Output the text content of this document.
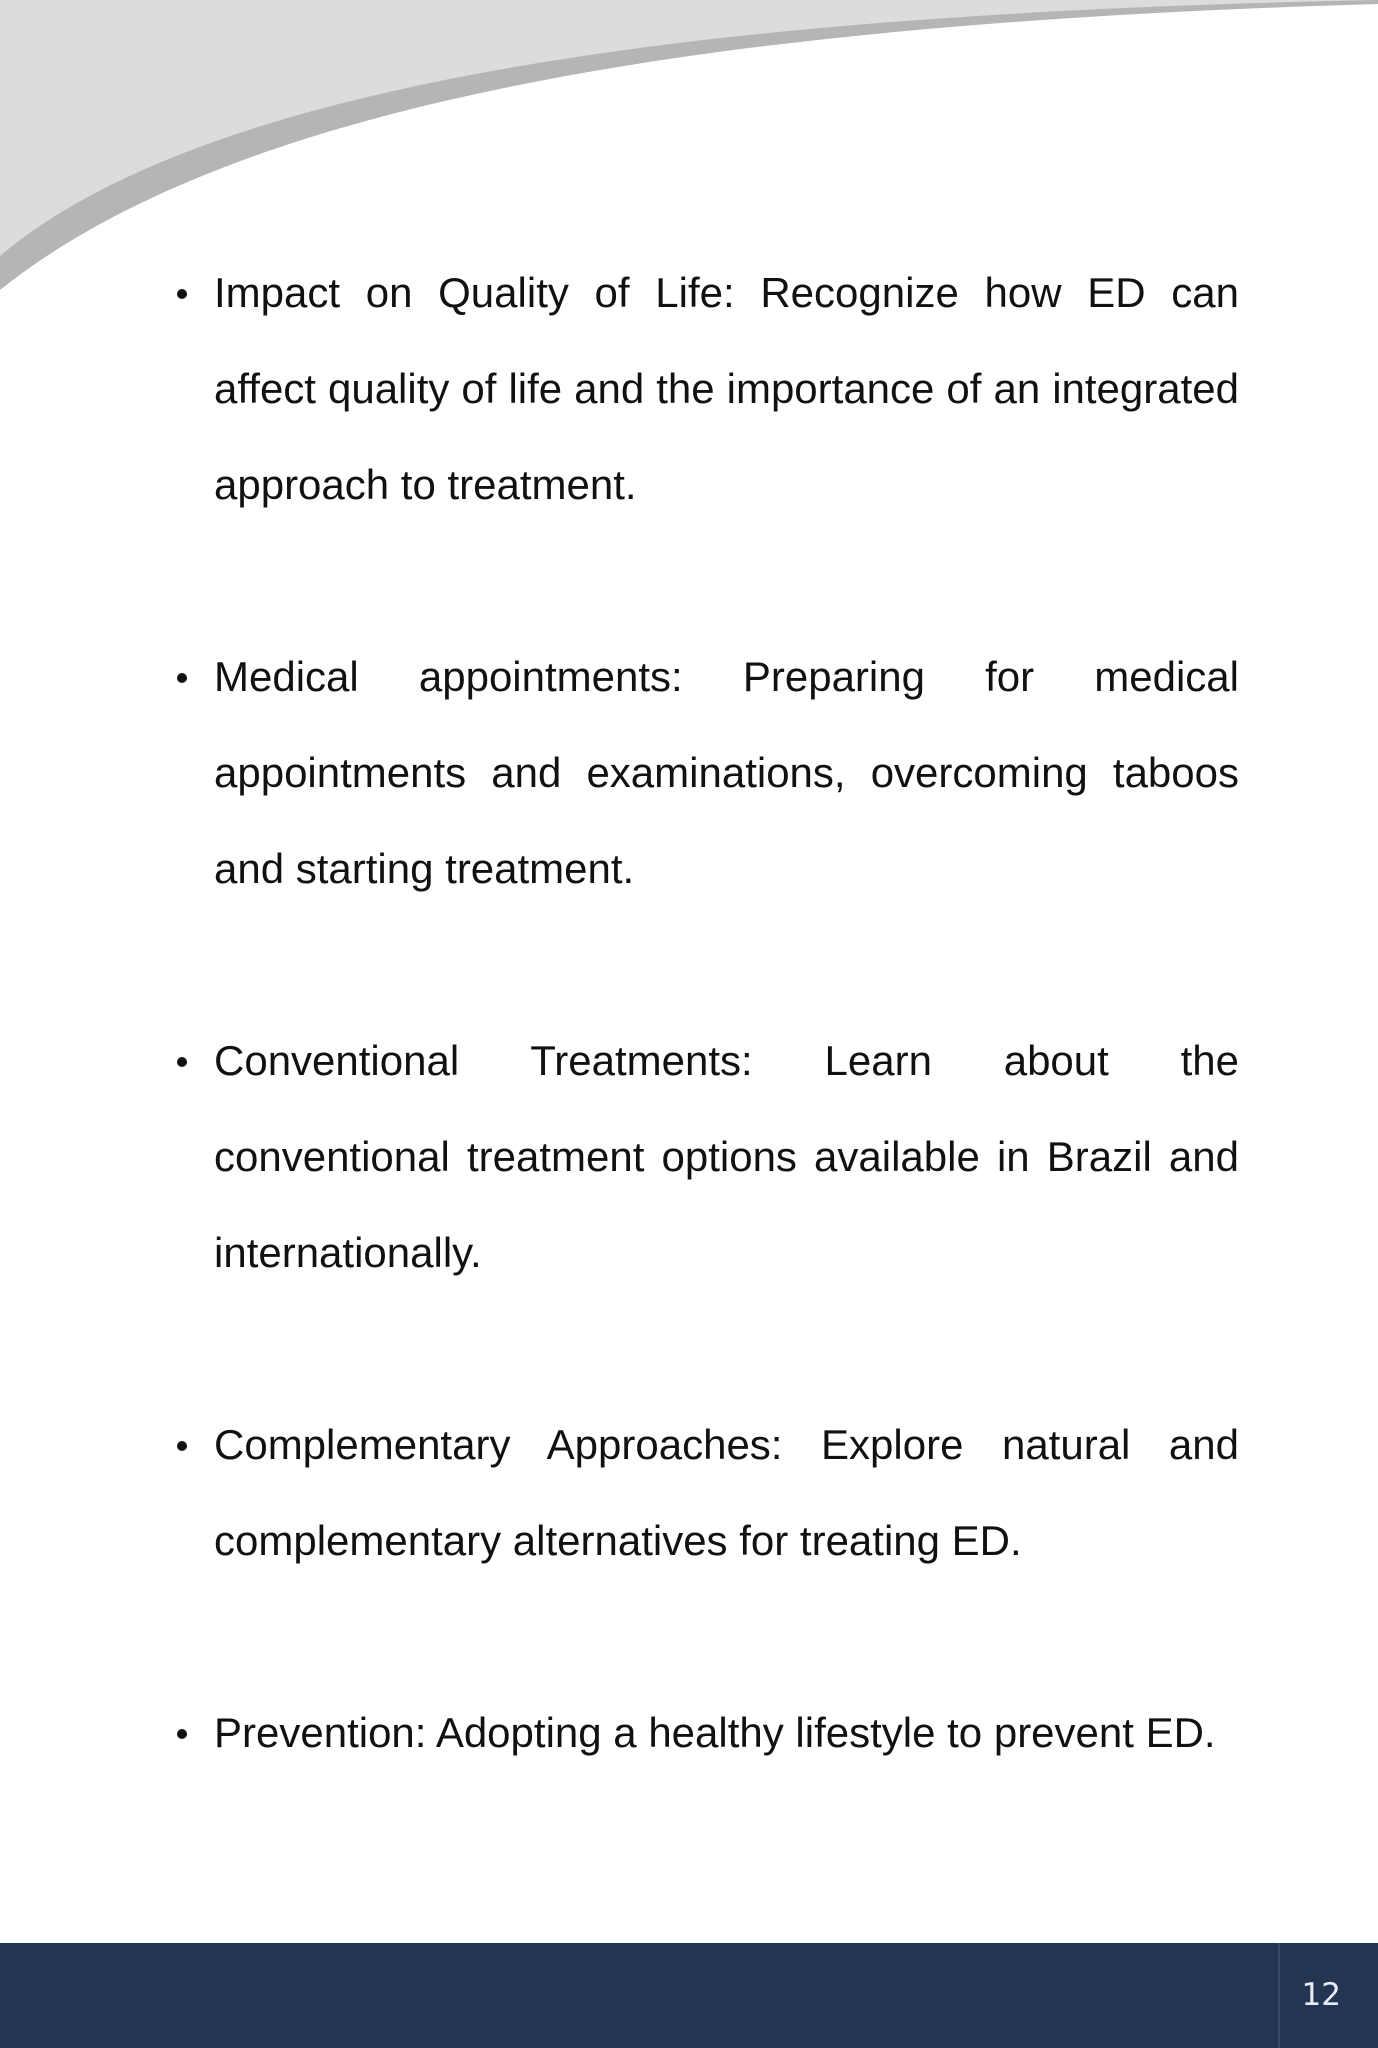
Impact on Quality of Life: Recognize how ED can affect quality of life and the importance of an integrated approach to treatment.
Medical appointments: Preparing for medical appointments and examinations, overcoming taboos and starting treatment.
Conventional Treatments: Learn about the conventional treatment options available in Brazil and internationally.
Complementary Approaches: Explore natural and complementary alternatives for treating ED.
Prevention: Adopting a healthy lifestyle to prevent ED.
12
